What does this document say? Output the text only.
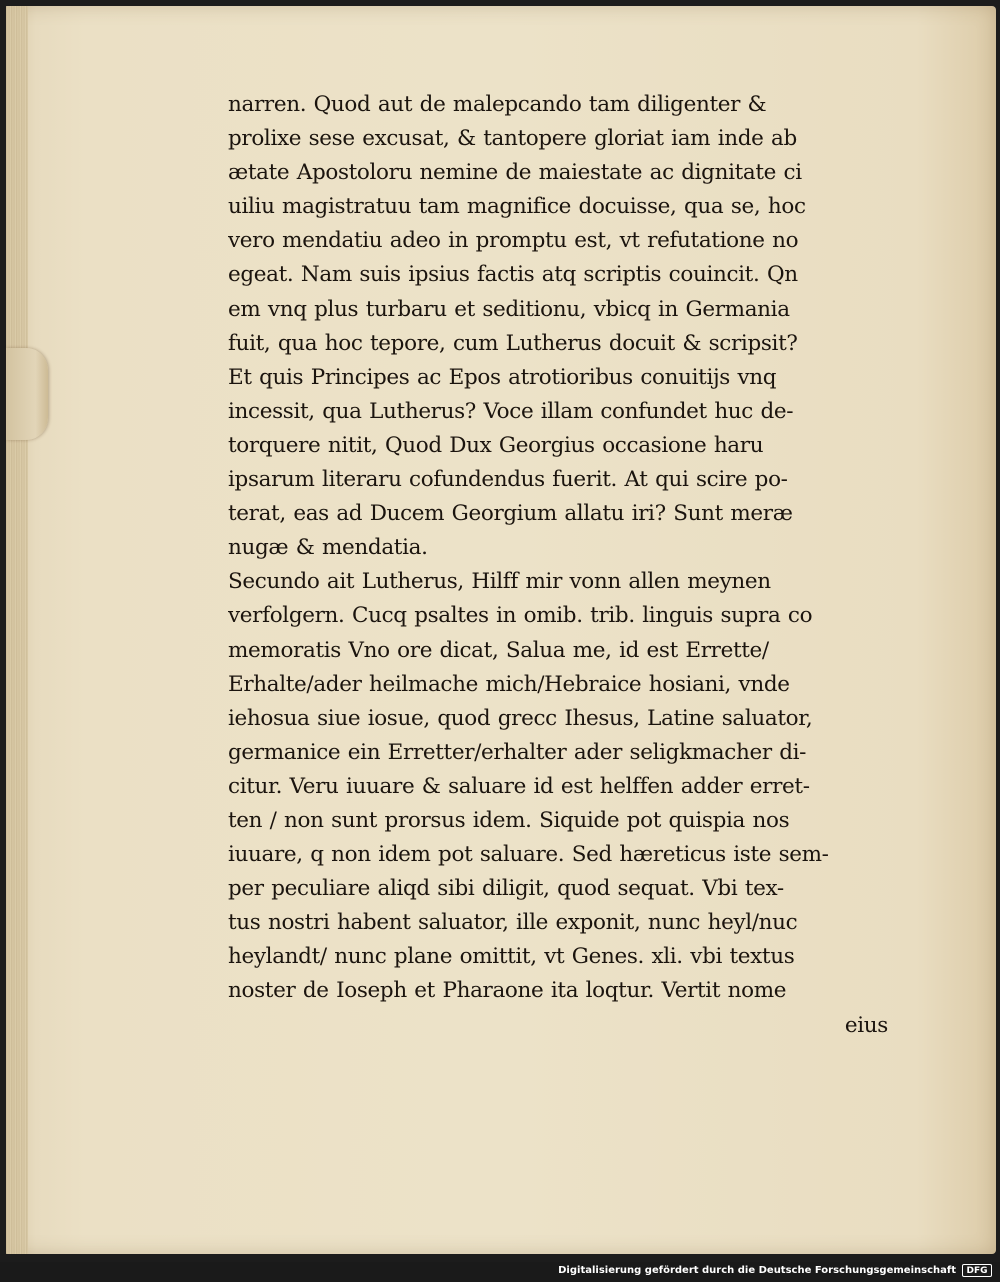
narren. Quod aut de malepcando tam diligenter &
prolixe sese excusat, & tantopere gloriat iam inde ab
ætate Apostoloru nemine de maiestate ac dignitate ci
uiliu magistratuu tam magnifice docuisse, qua se, hoc
vero mendatiu adeo in promptu est, vt refutatione no
egeat. Nam suis ipsius factis atq scriptis couincit. Qn
em vnq plus turbaru et seditionu, vbicq in Germania
fuit, qua hoc tepore, cum Lutherus docuit & scripsit?
Et quis Principes ac Epos atrotioribus conuitijs vnq
incessit, qua Lutherus? Voce illam confundet huc de-
torquere nitit, Quod Dux Georgius occasione haru
ipsarum literaru cofundendus fuerit. At qui scire po-
terat, eas ad Ducem Georgium allatu iri? Sunt meræ
nugæ & mendatia.
Secundo ait Lutherus, Hilff mir vonn allen meynen
verfolgern. Cucq psaltes in omib. trib. linguis supra co
memoratis Vno ore dicat, Salua me, id est Errette/
Erhalte/ader heilmache mich/Hebraice hosiani, vnde
iehosua siue iosue, quod grecc Ihesus, Latine saluator,
germanice ein Erretter/erhalter ader seligkmacher di-
citur. Veru iuuare & saluare id est helffen adder erret-
ten / non sunt prorsus idem. Siquide pot quispia nos
iuuare, q non idem pot saluare. Sed hæreticus iste sem-
per peculiare aliqd sibi diligit, quod sequat. Vbi tex-
tus nostri habent saluator, ille exponit, nunc heyl/nuc
heylandt/ nunc plane omittit, vt Genes. xli. vbi textus
noster de Ioseph et Pharaone ita loqtur. Vertit nome
eius
Digitalisierung gefördert durch die Deutsche Forschungsgemeinschaft	DFG
